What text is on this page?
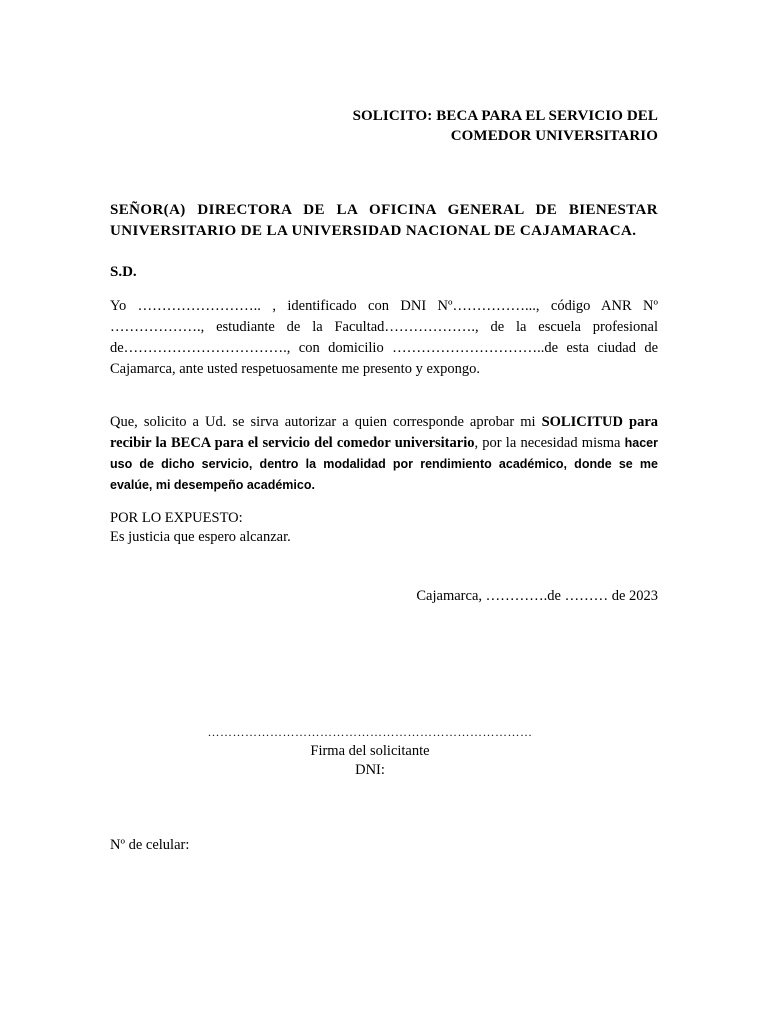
SOLICITO: BECA PARA EL SERVICIO DEL
COMEDOR UNIVERSITARIO
SEÑOR(A) DIRECTORA DE LA OFICINA GENERAL DE BIENESTAR UNIVERSITARIO DE LA UNIVERSIDAD NACIONAL DE CAJAMARACA.
S.D.
Yo …………………….. , identificado con DNI Nº……………..., código ANR Nº ………………., estudiante de la Facultad………………., de la escuela profesional de……………………………., con domicilio …………………………..de esta ciudad de Cajamarca, ante usted respetuosamente me presento y expongo.
Que, solicito a Ud. se sirva autorizar a quien corresponde aprobar mi SOLICITUD para recibir la BECA para el servicio del comedor universitario, por la necesidad misma hacer uso de dicho servicio, dentro la modalidad por rendimiento académico, donde se me evalúe, mi desempeño académico.
POR LO EXPUESTO:
Es justicia que espero alcanzar.
Cajamarca, ………….de ……… de 2023
……………………………………………………………………
Firma del solicitante
DNI:
Nº de celular:
